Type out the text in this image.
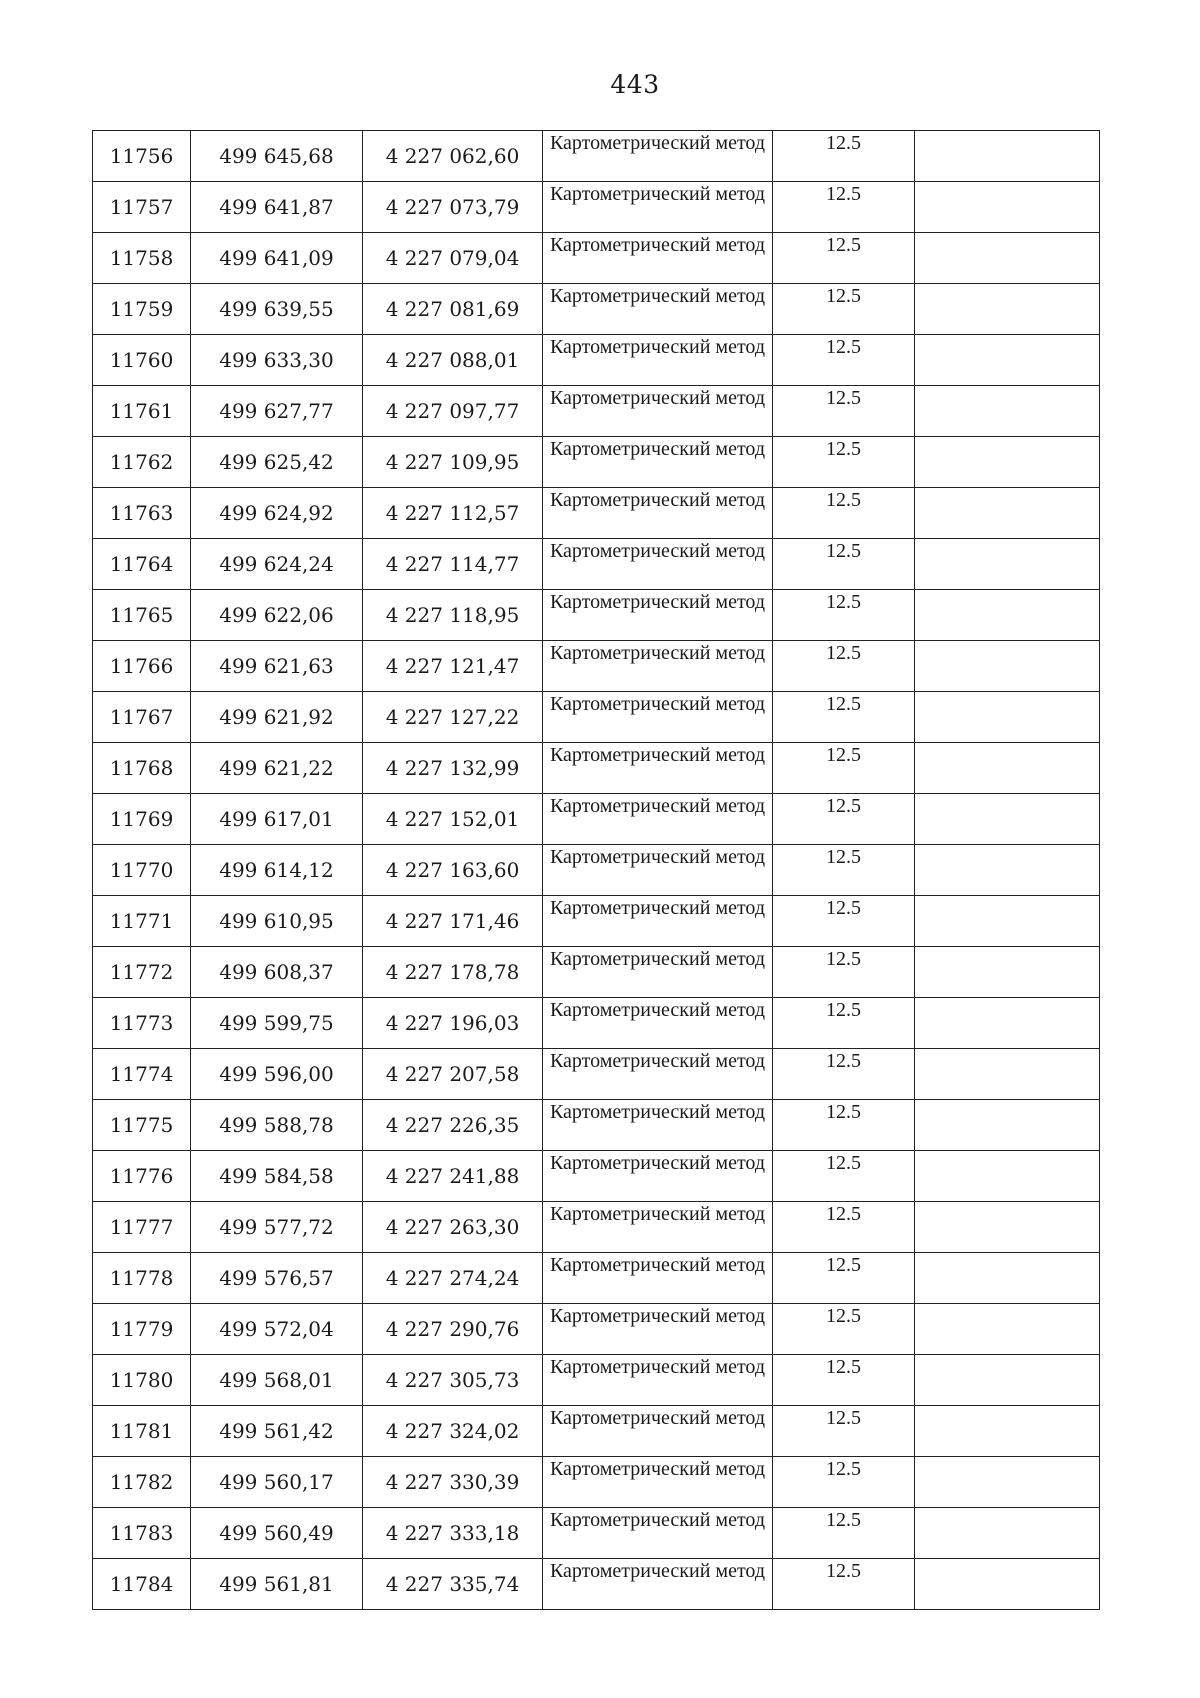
443
11756	499 645,68	4 227 062,60	Картометрический метод	12.5	
11757	499 641,87	4 227 073,79	Картометрический метод	12.5	
11758	499 641,09	4 227 079,04	Картометрический метод	12.5	
11759	499 639,55	4 227 081,69	Картометрический метод	12.5	
11760	499 633,30	4 227 088,01	Картометрический метод	12.5	
11761	499 627,77	4 227 097,77	Картометрический метод	12.5	
11762	499 625,42	4 227 109,95	Картометрический метод	12.5	
11763	499 624,92	4 227 112,57	Картометрический метод	12.5	
11764	499 624,24	4 227 114,77	Картометрический метод	12.5	
11765	499 622,06	4 227 118,95	Картометрический метод	12.5	
11766	499 621,63	4 227 121,47	Картометрический метод	12.5	
11767	499 621,92	4 227 127,22	Картометрический метод	12.5	
11768	499 621,22	4 227 132,99	Картометрический метод	12.5	
11769	499 617,01	4 227 152,01	Картометрический метод	12.5	
11770	499 614,12	4 227 163,60	Картометрический метод	12.5	
11771	499 610,95	4 227 171,46	Картометрический метод	12.5	
11772	499 608,37	4 227 178,78	Картометрический метод	12.5	
11773	499 599,75	4 227 196,03	Картометрический метод	12.5	
11774	499 596,00	4 227 207,58	Картометрический метод	12.5	
11775	499 588,78	4 227 226,35	Картометрический метод	12.5	
11776	499 584,58	4 227 241,88	Картометрический метод	12.5	
11777	499 577,72	4 227 263,30	Картометрический метод	12.5	
11778	499 576,57	4 227 274,24	Картометрический метод	12.5	
11779	499 572,04	4 227 290,76	Картометрический метод	12.5	
11780	499 568,01	4 227 305,73	Картометрический метод	12.5	
11781	499 561,42	4 227 324,02	Картометрический метод	12.5	
11782	499 560,17	4 227 330,39	Картометрический метод	12.5	
11783	499 560,49	4 227 333,18	Картометрический метод	12.5	
11784	499 561,81	4 227 335,74	Картометрический метод	12.5	
